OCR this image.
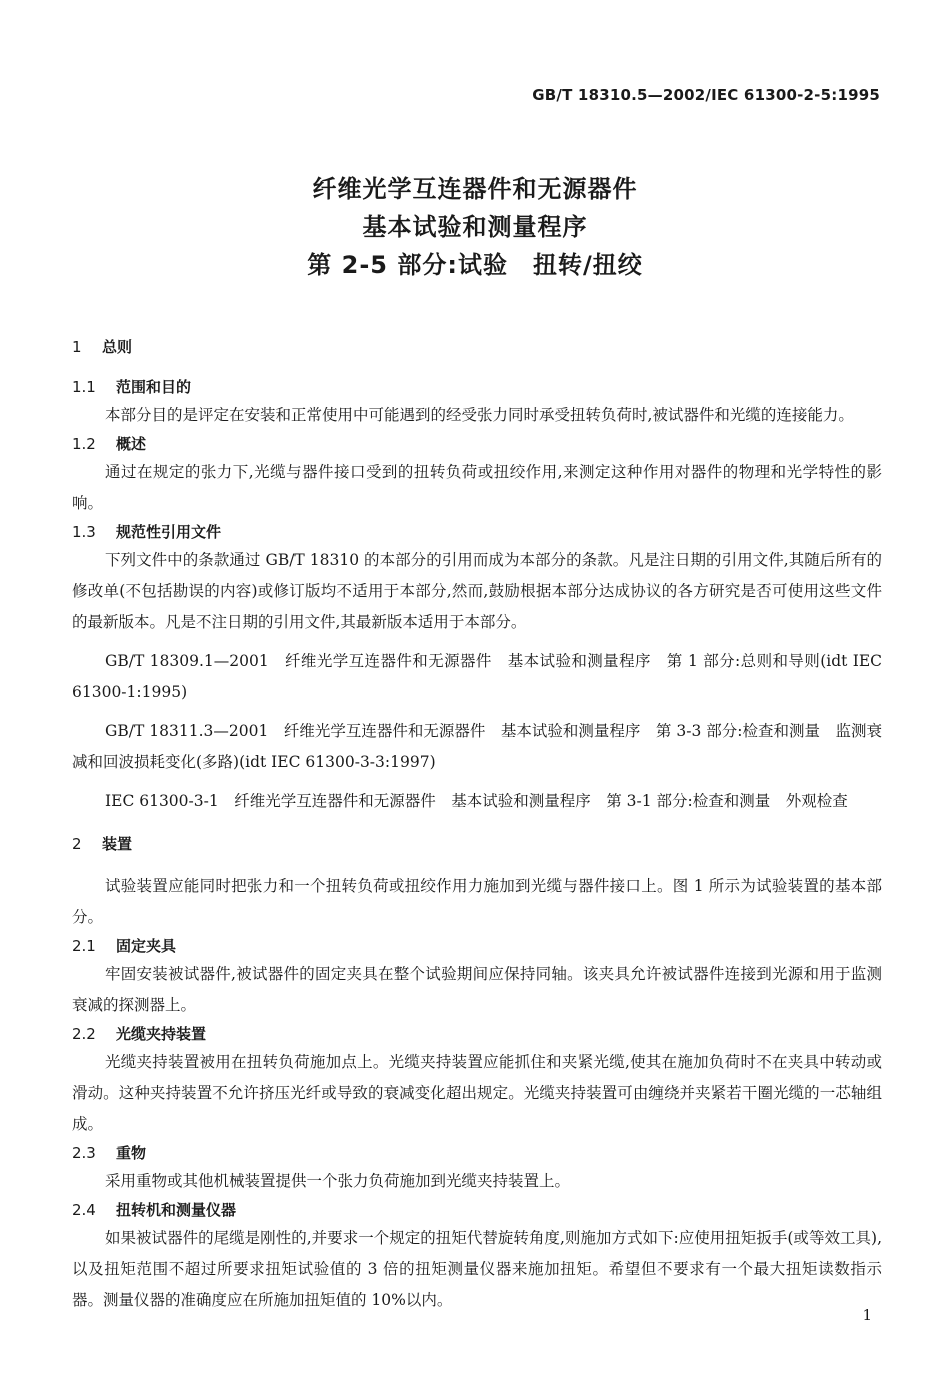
GB/T 18310.5—2002/IEC 61300-2-5:1995
纤维光学互连器件和无源器件
基本试验和测量程序
第 2-5 部分:试验　扭转/扭绞
1 总则
1.1 范围和目的

本部分目的是评定在安装和正常使用中可能遇到的经受张力同时承受扭转负荷时,被试器件和光缆的连接能力。

1.2 概述

通过在规定的张力下,光缆与器件接口受到的扭转负荷或扭绞作用,来测定这种作用对器件的物理和光学特性的影响。

1.3 规范性引用文件

下列文件中的条款通过 GB/T 18310 的本部分的引用而成为本部分的条款。凡是注日期的引用文件,其随后所有的修改单(不包括勘误的内容)或修订版均不适用于本部分,然而,鼓励根据本部分达成协议的各方研究是否可使用这些文件的最新版本。凡是不注日期的引用文件,其最新版本适用于本部分。

GB/T 18309.1—2001　纤维光学互连器件和无源器件　基本试验和测量程序　第 1 部分:总则和导则(idt IEC 61300-1:1995)

GB/T 18311.3—2001　纤维光学互连器件和无源器件　基本试验和测量程序　第 3-3 部分:检查和测量　监测衰减和回波损耗变化(多路)(idt IEC 61300-3-3:1997)

IEC 61300-3-1　纤维光学互连器件和无源器件　基本试验和测量程序　第 3-1 部分:检查和测量　外观检查

2 装置

试验装置应能同时把张力和一个扭转负荷或扭绞作用力施加到光缆与器件接口上。图 1 所示为试验装置的基本部分。

2.1 固定夹具

牢固安装被试器件,被试器件的固定夹具在整个试验期间应保持同轴。该夹具允许被试器件连接到光源和用于监测衰减的探测器上。

2.2 光缆夹持装置

光缆夹持装置被用在扭转负荷施加点上。光缆夹持装置应能抓住和夹紧光缆,使其在施加负荷时不在夹具中转动或滑动。这种夹持装置不允许挤压光纤或导致的衰减变化超出规定。光缆夹持装置可由缠绕并夹紧若干圈光缆的一芯轴组成。

2.3 重物

采用重物或其他机械装置提供一个张力负荷施加到光缆夹持装置上。

2.4 扭转机和测量仪器

如果被试器件的尾缆是刚性的,并要求一个规定的扭矩代替旋转角度,则施加方式如下:应使用扭矩扳手(或等效工具),以及扭矩范围不超过所要求扭矩试验值的 3 倍的扭矩测量仪器来施加扭矩。希望但不要求有一个最大扭矩读数指示器。测量仪器的准确度应在所施加扭矩值的 10%以内。

1
